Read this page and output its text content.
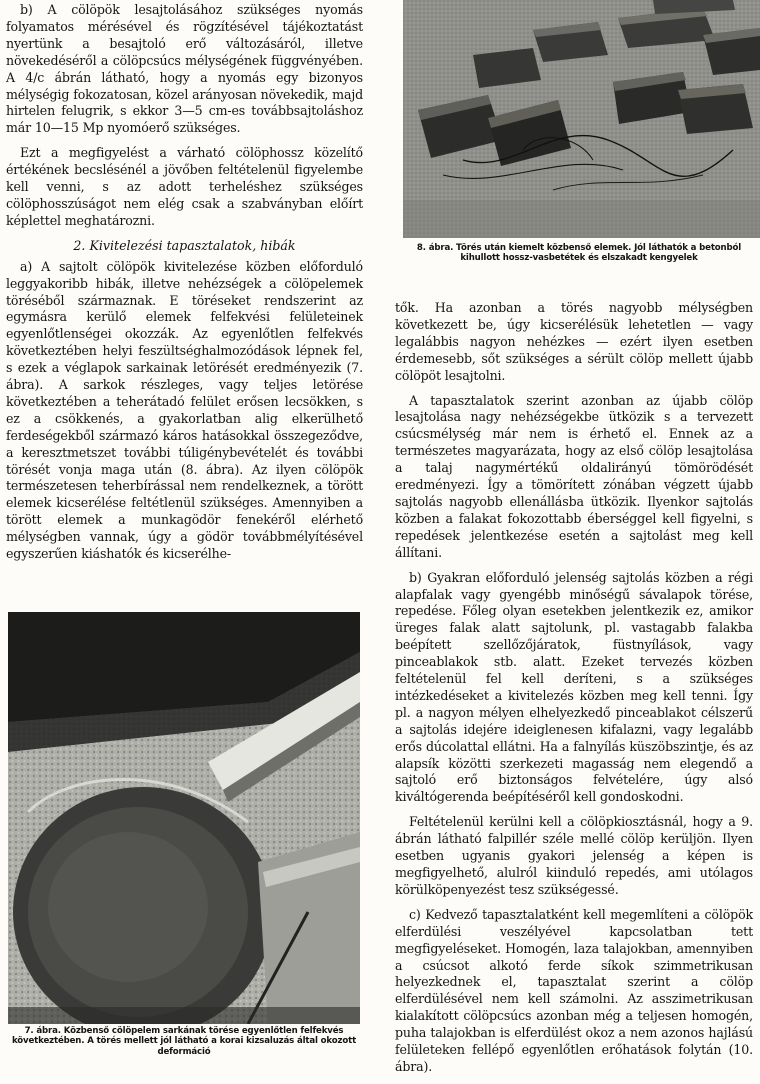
b) A cölöpök lesajtolásához szükséges nyomás folyamatos mérésével és rögzítésével tájékoztatást nyertünk a besajtoló erő változásáról, illetve növekedéséről a cölöpcsúcs mélységének függvényében. A 4/c ábrán látható, hogy a nyomás egy bizonyos mélységig fokozatosan, közel arányosan növekedik, majd hirtelen felugrik, s ekkor 3—5 cm-es továbbsajtoláshoz már 10—15 Mp nyomóerő szükséges.

Ezt a megfigyelést a várható cölöphossz közelítő értékének becslésénél a jövőben feltételenül figyelembe kell venni, s az adott terheléshez szükséges cölöphosszúságot nem elég csak a szabványban előírt képlettel meghatározni.

2. Kivitelezési tapasztalatok, hibák

a) A sajtolt cölöpök kivitelezése közben előforduló leggyakoribb hibák, illetve nehézségek a cölöpelemek töréséből származnak. E töréseket rendszerint az egymásra kerülő elemek felfekvési felületeinek egyenlőtlenségei okozzák. Az egyenlőtlen felfekvés következtében helyi feszültséghalmozódások lépnek fel, s ezek a véglapok sarkainak letörését eredményezik (7. ábra). A sarkok részleges, vagy teljes letörése következtében a teherátadó felület erősen lecsökken, s ez a csökkenés, a gyakorlatban alig elkerülhető ferdeségekből származó káros hatásokkal összegeződve, a keresztmetszet további túligénybevételét és további törését vonja maga után (8. ábra). Az ilyen cölöpök természetesen teherbírással nem rendelkeznek, a törött elemek kicserélése feltétlenül szükséges. Amennyiben a törött elemek a munkagödör fenekéről elérhető mélységben vannak, úgy a gödör továbbmélyítésével egyszerűen kiáshatók és kicserélhe-

tők. Ha azonban a törés nagyobb mélységben következett be, úgy kicserélésük lehetetlen — vagy legalábbis nagyon nehézkes — ezért ilyen esetben érdemesebb, sőt szükséges a sérült cölöp mellett újabb cölöpöt lesajtolni.

A tapasztalatok szerint azonban az újabb cölöp lesajtolása nagy nehézségekbe ütközik s a tervezett csúcsmélység már nem is érhető el. Ennek az a természetes magyarázata, hogy az első cölöp lesajtolása a talaj nagymértékű oldalirányú tömörödését eredményezi. Így a tömörített zónában végzett újabb sajtolás nagyobb ellenállásba ütközik. Ilyenkor sajtolás közben a falakat fokozottabb éberséggel kell figyelni, s repedések jelentkezése esetén a sajtolást meg kell állítani.

b) Gyakran előforduló jelenség sajtolás közben a régi alapfalak vagy gyengébb minőségű sávalapok törése, repedése. Főleg olyan esetekben jelentkezik ez, amikor üreges falak alatt sajtolunk, pl. vastagabb falakba beépített szellőzőjáratok, füstnyílások, vagy pinceablakok stb. alatt. Ezeket tervezés közben feltételenül fel kell deríteni, s a szükséges intézkedéseket a kivitelezés közben meg kell tenni. Így pl. a nagyon mélyen elhelyezkedő pinceablakot célszerű a sajtolás idejére ideiglenesen kifalazni, vagy legalább erős dúcolattal ellátni. Ha a falnyílás küszöbszintje, és az alapsík közötti szerkezeti magasság nem elegendő a sajtoló erő biztonságos felvételére, úgy alsó kiváltógerenda beépítéséről kell gondoskodni.

Feltételenül kerülni kell a cölöpkiosztásnál, hogy a 9. ábrán látható falpillér széle mellé cölöp kerüljön. Ilyen esetben ugyanis gyakori jelenség a képen is megfigyelhető, alulról kiinduló repedés, ami utólagos körülköpenyezést tesz szükségessé.

c) Kedvező tapasztalatként kell megemlíteni a cölöpök elferdülési veszélyével kapcsolatban tett megfigyeléseket. Homogén, laza talajokban, amennyiben a csúcsot alkotó ferde síkok szimmetrikusan helyezkednek el, tapasztalat szerint a cölöp elferdülésével nem kell számolni. Az asszimetrikusan kialakított cölöpcsúcs azonban még a teljesen homogén, puha talajokban is elferdülést okoz a nem azonos hajlású felületeken fellépő egyenlőtlen erőhatások folytán (10. ábra).

8. ábra. Törés után kiemelt közbenső elemek. Jól láthatók a betonból kihullott hossz-vasbetétek és elszakadt kengyelek
7. ábra. Közbenső cölöpelem sarkának törése egyenlőtlen felfekvés következtében. A törés mellett jól látható a korai kizsaluzás által okozott deformáció
